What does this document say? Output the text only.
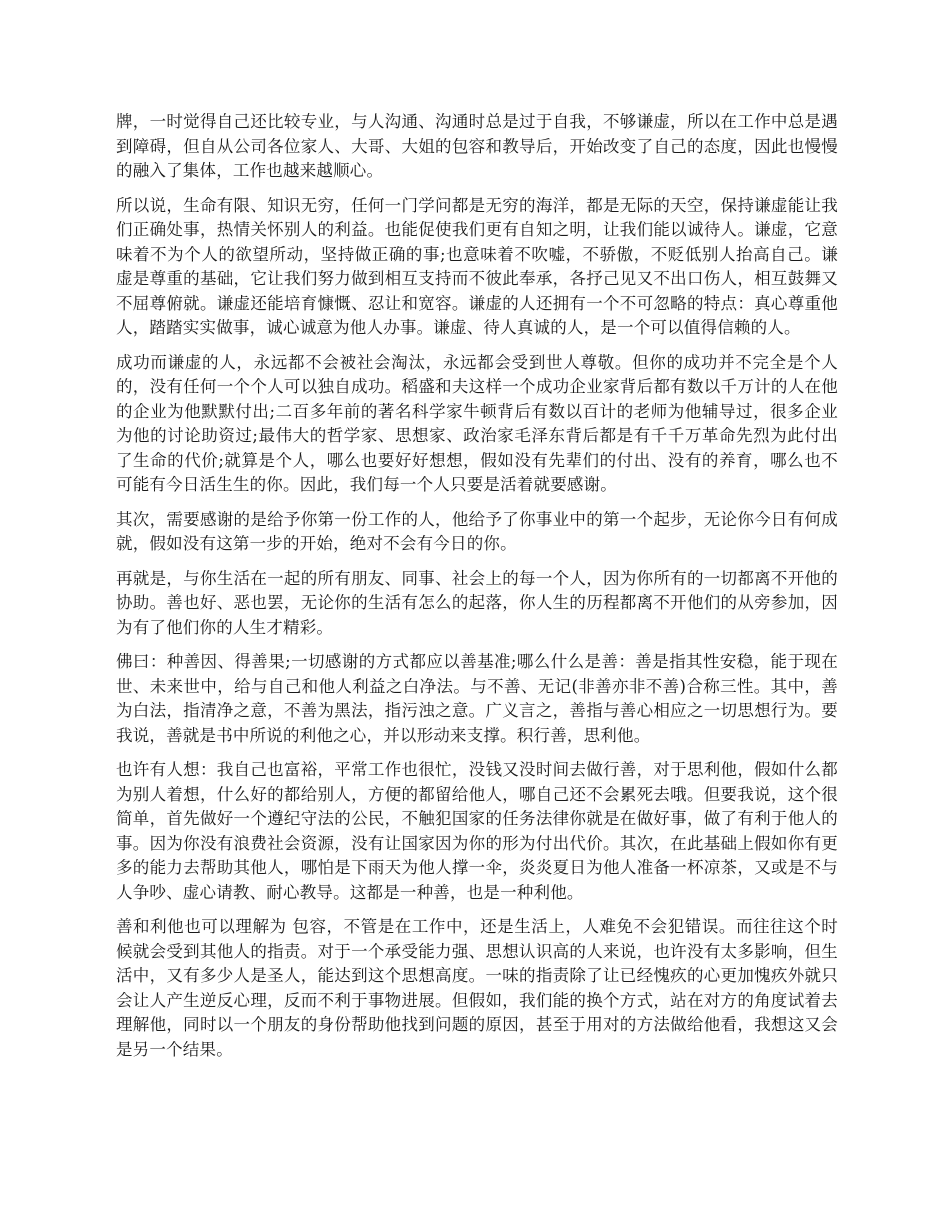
牌，一时觉得自己还比较专业，与人沟通、沟通时总是过于自我，不够谦虚，所以在工作中总是遇到障碍，但自从公司各位家人、大哥、大姐的包容和教导后，开始改变了自己的态度，因此也慢慢的融入了集体，工作也越来越顺心。

所以说，生命有限、知识无穷，任何一门学问都是无穷的海洋，都是无际的天空，保持谦虚能让我们正确处事，热情关怀别人的利益。也能促使我们更有自知之明，让我们能以诚待人。谦虚，它意味着不为个人的欲望所动，坚持做正确的事;也意味着不吹嘘，不骄傲，不贬低别人抬高自己。谦虚是尊重的基础，它让我们努力做到相互支持而不彼此奉承，各抒己见又不出口伤人，相互鼓舞又不屈尊俯就。谦虚还能培育慷慨、忍让和宽容。谦虚的人还拥有一个不可忽略的特点：真心尊重他人，踏踏实实做事，诚心诚意为他人办事。谦虚、待人真诚的人，是一个可以值得信赖的人。

成功而谦虚的人，永远都不会被社会淘汰，永远都会受到世人尊敬。但你的成功并不完全是个人的，没有任何一个个人可以独自成功。稻盛和夫这样一个成功企业家背后都有数以千万计的人在他的企业为他默默付出;二百多年前的著名科学家牛顿背后有数以百计的老师为他辅导过，很多企业为他的讨论助资过;最伟大的哲学家、思想家、政治家毛泽东背后都是有千千万革命先烈为此付出了生命的代价;就算是个人，哪么也要好好想想，假如没有先辈们的付出、没有的养育，哪么也不可能有今日活生生的你。因此，我们每一个人只要是活着就要感谢。

其次，需要感谢的是给予你第一份工作的人，他给予了你事业中的第一个起步，无论你今日有何成就，假如没有这第一步的开始，绝对不会有今日的你。

再就是，与你生活在一起的所有朋友、同事、社会上的每一个人，因为你所有的一切都离不开他的协助。善也好、恶也罢，无论你的生活有怎么的起落，你人生的历程都离不开他们的从旁参加，因为有了他们你的人生才精彩。

佛曰：种善因、得善果;一切感谢的方式都应以善基准;哪么什么是善：善是指其性安稳，能于现在世、未来世中，给与自己和他人利益之白净法。与不善、无记(非善亦非不善)合称三性。其中，善为白法，指清净之意，不善为黑法，指污浊之意。广义言之，善指与善心相应之一切思想行为。要我说，善就是书中所说的利他之心，并以形动来支撑。积行善，思利他。

也许有人想：我自己也富裕，平常工作也很忙，没钱又没时间去做行善，对于思利他，假如什么都为别人着想，什么好的都给别人，方便的都留给他人，哪自己还不会累死去哦。但要我说，这个很简单，首先做好一个遵纪守法的公民，不触犯国家的任务法律你就是在做好事，做了有利于他人的事。因为你没有浪费社会资源，没有让国家因为你的形为付出代价。其次，在此基础上假如你有更多的能力去帮助其他人，哪怕是下雨天为他人撑一伞，炎炎夏日为他人准备一杯凉茶，又或是不与人争吵、虚心请教、耐心教导。这都是一种善，也是一种利他。

善和利他也可以理解为 包容，不管是在工作中，还是生活上，人难免不会犯错误。而往往这个时候就会受到其他人的指责。对于一个承受能力强、思想认识高的人来说，也许没有太多影响，但生活中，又有多少人是圣人，能达到这个思想高度。一味的指责除了让已经愧疚的心更加愧疚外就只会让人产生逆反心理，反而不利于事物进展。但假如，我们能的换个方式，站在对方的角度试着去理解他，同时以一个朋友的身份帮助他找到问题的原因，甚至于用对的方法做给他看，我想这又会是另一个结果。
